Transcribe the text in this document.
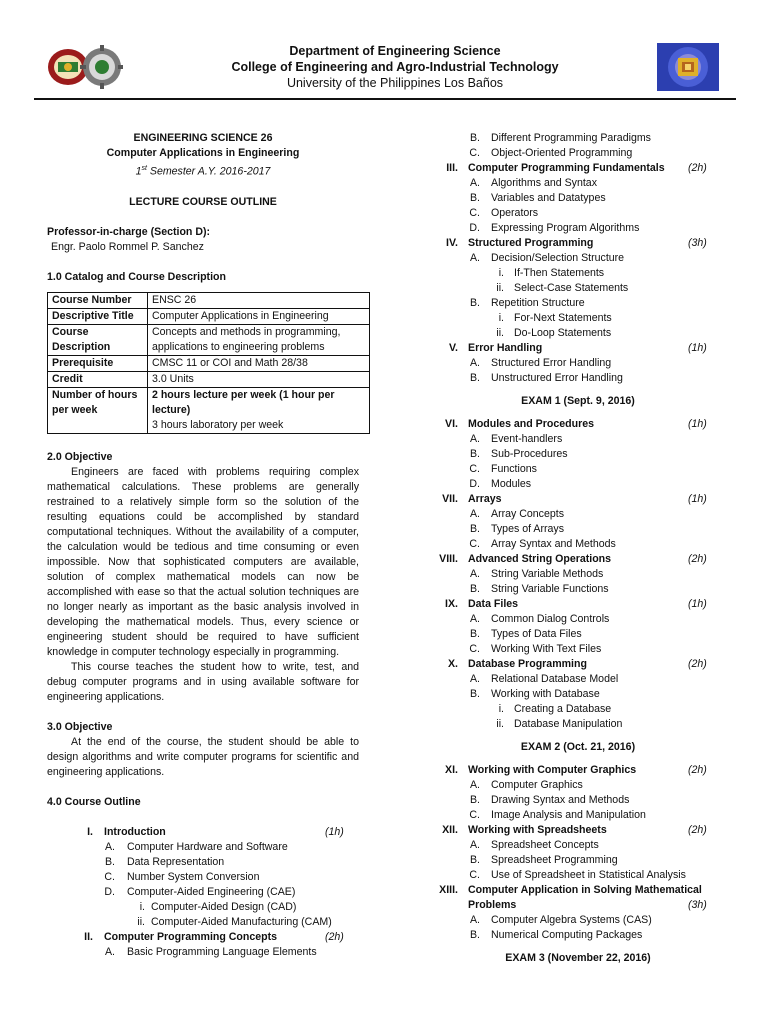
Department of Engineering Science
College of Engineering and Agro-Industrial Technology
University of the Philippines Los Baños
ENGINEERING SCIENCE 26
Computer Applications in Engineering
1st Semester A.Y. 2016-2017
LECTURE COURSE OUTLINE
Professor-in-charge (Section D):
Engr. Paolo Rommel P. Sanchez
1.0 Catalog and Course Description
Course Number	ENSC 26
Descriptive Title	Computer Applications in Engineering
Course Description	Concepts and methods in programming, applications to engineering problems
Prerequisite	CMSC 11 or COI and Math 28/38
Credit	3.0 Units
Number of hours per week	2 hours lecture per week (1 hour per lecture)
3 hours laboratory per week
2.0 Objective
Engineers are faced with problems requiring complex mathematical calculations. These problems are generally restrained to a relatively simple form so the solution of the resulting equations could be accomplished by standard computational techniques. Without the availability of a computer, the calculation would be tedious and time consuming or even impossible. Now that sophisticated computers are available, solution of complex mathematical models can now be accomplished with ease so that the actual solution techniques are no longer nearly as important as the basic analysis involved in developing the mathematical models. Thus, every science or engineering student should be required to have sufficient knowledge in computer technology especially in programming.
This course teaches the student how to write, test, and debug computer programs and in using available software for engineering applications.
3.0 Objective
At the end of the course, the student should be able to design algorithms and write computer programs for scientific and engineering applications.
4.0 Course Outline
I. Introduction	(1h)
A. Computer Hardware and Software
B. Data Representation
C. Number System Conversion
D. Computer-Aided Engineering (CAE)
i. Computer-Aided Design (CAD)
ii. Computer-Aided Manufacturing (CAM)
II. Computer Programming Concepts	(2h)
A. Basic Programming Language Elements
B. Different Programming Paradigms
C. Object-Oriented Programming
III. Computer Programming Fundamentals (2h)
A. Algorithms and Syntax
B. Variables and Datatypes
C. Operators
D. Expressing Program Algorithms
IV. Structured Programming	(3h)
A. Decision/Selection Structure
i. If-Then Statements
ii. Select-Case Statements
B. Repetition Structure
i. For-Next Statements
ii. Do-Loop Statements
V. Error Handling	(1h)
A. Structured Error Handling
B. Unstructured Error Handling
EXAM 1 (Sept. 9, 2016)
VI. Modules and Procedures	(1h)
A. Event-handlers
B. Sub-Procedures
C. Functions
D. Modules
VII. Arrays	(1h)
A. Array Concepts
B. Types of Arrays
C. Array Syntax and Methods
VIII. Advanced String Operations	(2h)
A. String Variable Methods
B. String Variable Functions
IX. Data Files	(1h)
A. Common Dialog Controls
B. Types of Data Files
C. Working With Text Files
X. Database Programming	(2h)
A. Relational Database Model
B. Working with Database
i. Creating a Database
ii. Database Manipulation
EXAM 2 (Oct. 21, 2016)
XI. Working with Computer Graphics	(2h)
A. Computer Graphics
B. Drawing Syntax and Methods
C. Image Analysis and Manipulation
XII. Working with Spreadsheets	(2h)
A. Spreadsheet Concepts
B. Spreadsheet Programming
C. Use of Spreadsheet in Statistical Analysis
XIII. Computer Application in Solving Mathematical
Problems	(3h)
A. Computer Algebra Systems (CAS)
B. Numerical Computing Packages
EXAM 3 (November 22, 2016)
